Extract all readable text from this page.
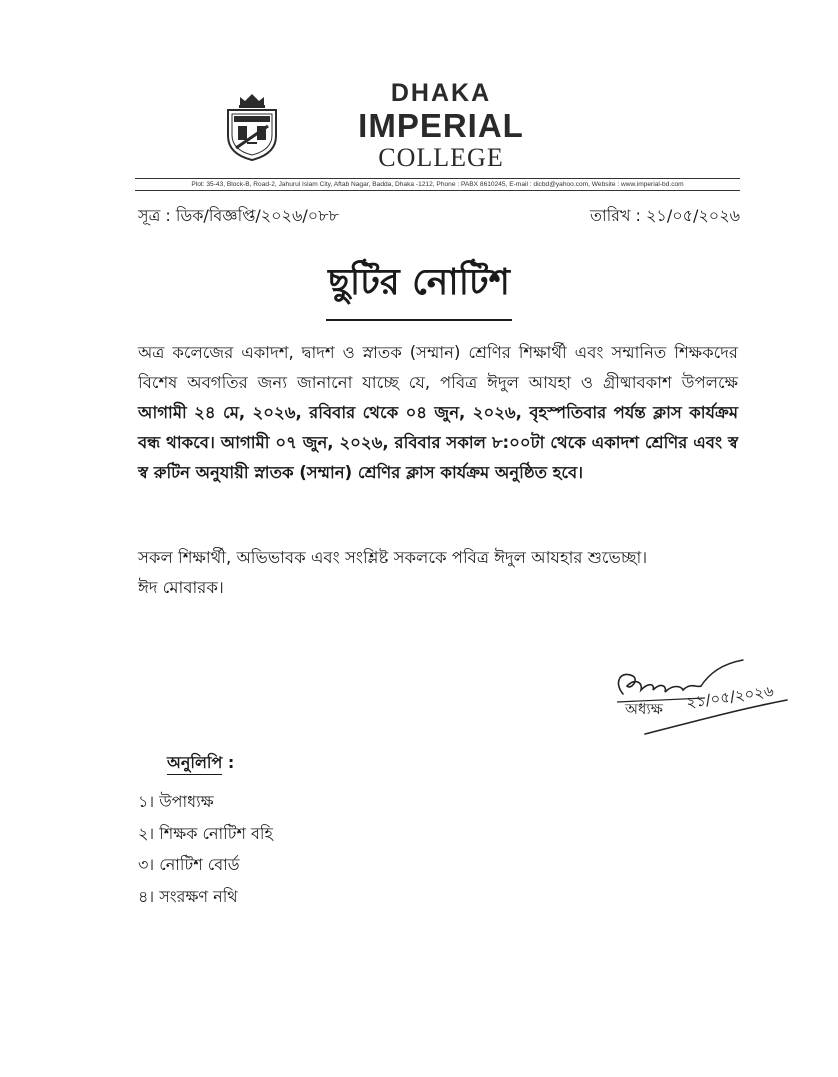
DHAKA
IMPERIAL
COLLEGE
Plot: 35-43, Block-B, Road-2, Jahurul Islam City, Aftab Nagar, Badda, Dhaka -1212, Phone : PABX 8610245, E-mail : dicbd@yahoo.com, Website : www.imperial-bd.com
সূত্র : ডিক/বিজ্ঞপ্তি/২০২৬/০৮৮	তারিখ : ২১/০৫/২০২৬
ছুটির নোটিশ
অত্র কলেজের একাদশ, দ্বাদশ ও স্নাতক (সম্মান) শ্রেণির শিক্ষার্থী এবং সম্মানিত শিক্ষকদের বিশেষ অবগতির জন্য জানানো যাচ্ছে যে, পবিত্র ঈদুল আযহা ও গ্রীষ্মাবকাশ উপলক্ষে আগামী ২৪ মে, ২০২৬, রবিবার থেকে ০৪ জুন, ২০২৬, বৃহস্পতিবার পর্যন্ত ক্লাস কার্যক্রম বন্ধ থাকবে। আগামী ০৭ জুন, ২০২৬, রবিবার সকাল ৮:০০টা থেকে একাদশ শ্রেণির এবং স্ব স্ব রুটিন অনুযায়ী স্নাতক (সম্মান) শ্রেণির ক্লাস কার্যক্রম অনুষ্ঠিত হবে।
সকল শিক্ষার্থী, অভিভাবক এবং সংশ্লিষ্ট সকলকে পবিত্র ঈদুল আযহার শুভেচ্ছা।
ঈদ মোবারক।
অধ্যক্ষ ২১/০৫/২০২৬
অনুলিপি :
১। উপাধ্যক্ষ
২। শিক্ষক নোটিশ বহি
৩। নোটিশ বোর্ড
৪। সংরক্ষণ নথি
